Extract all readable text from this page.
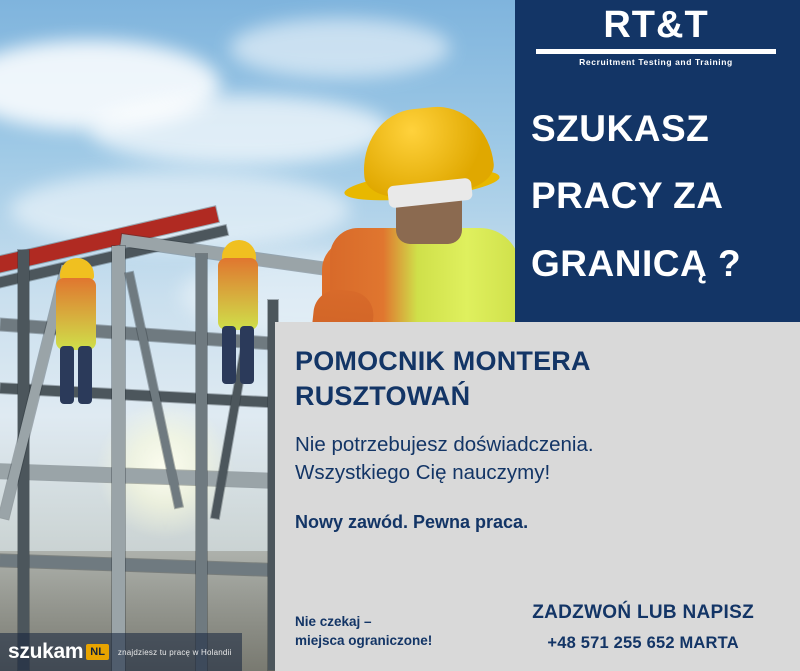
szukam NL	znajdziesz tu pracę w Holandii
RT&T
Recruitment Testing and Training
SZUKASZ
PRACY ZA
GRANICĄ ?
POMOCNIK MONTERA
RUSZTOWAŃ
Nie potrzebujesz doświadczenia.
Wszystkiego Cię nauczymy!
Nowy zawód. Pewna praca.
Nie czekaj –
miejsca ograniczone!
ZADZWOŃ LUB NAPISZ
+48 571 255 652 MARTA
